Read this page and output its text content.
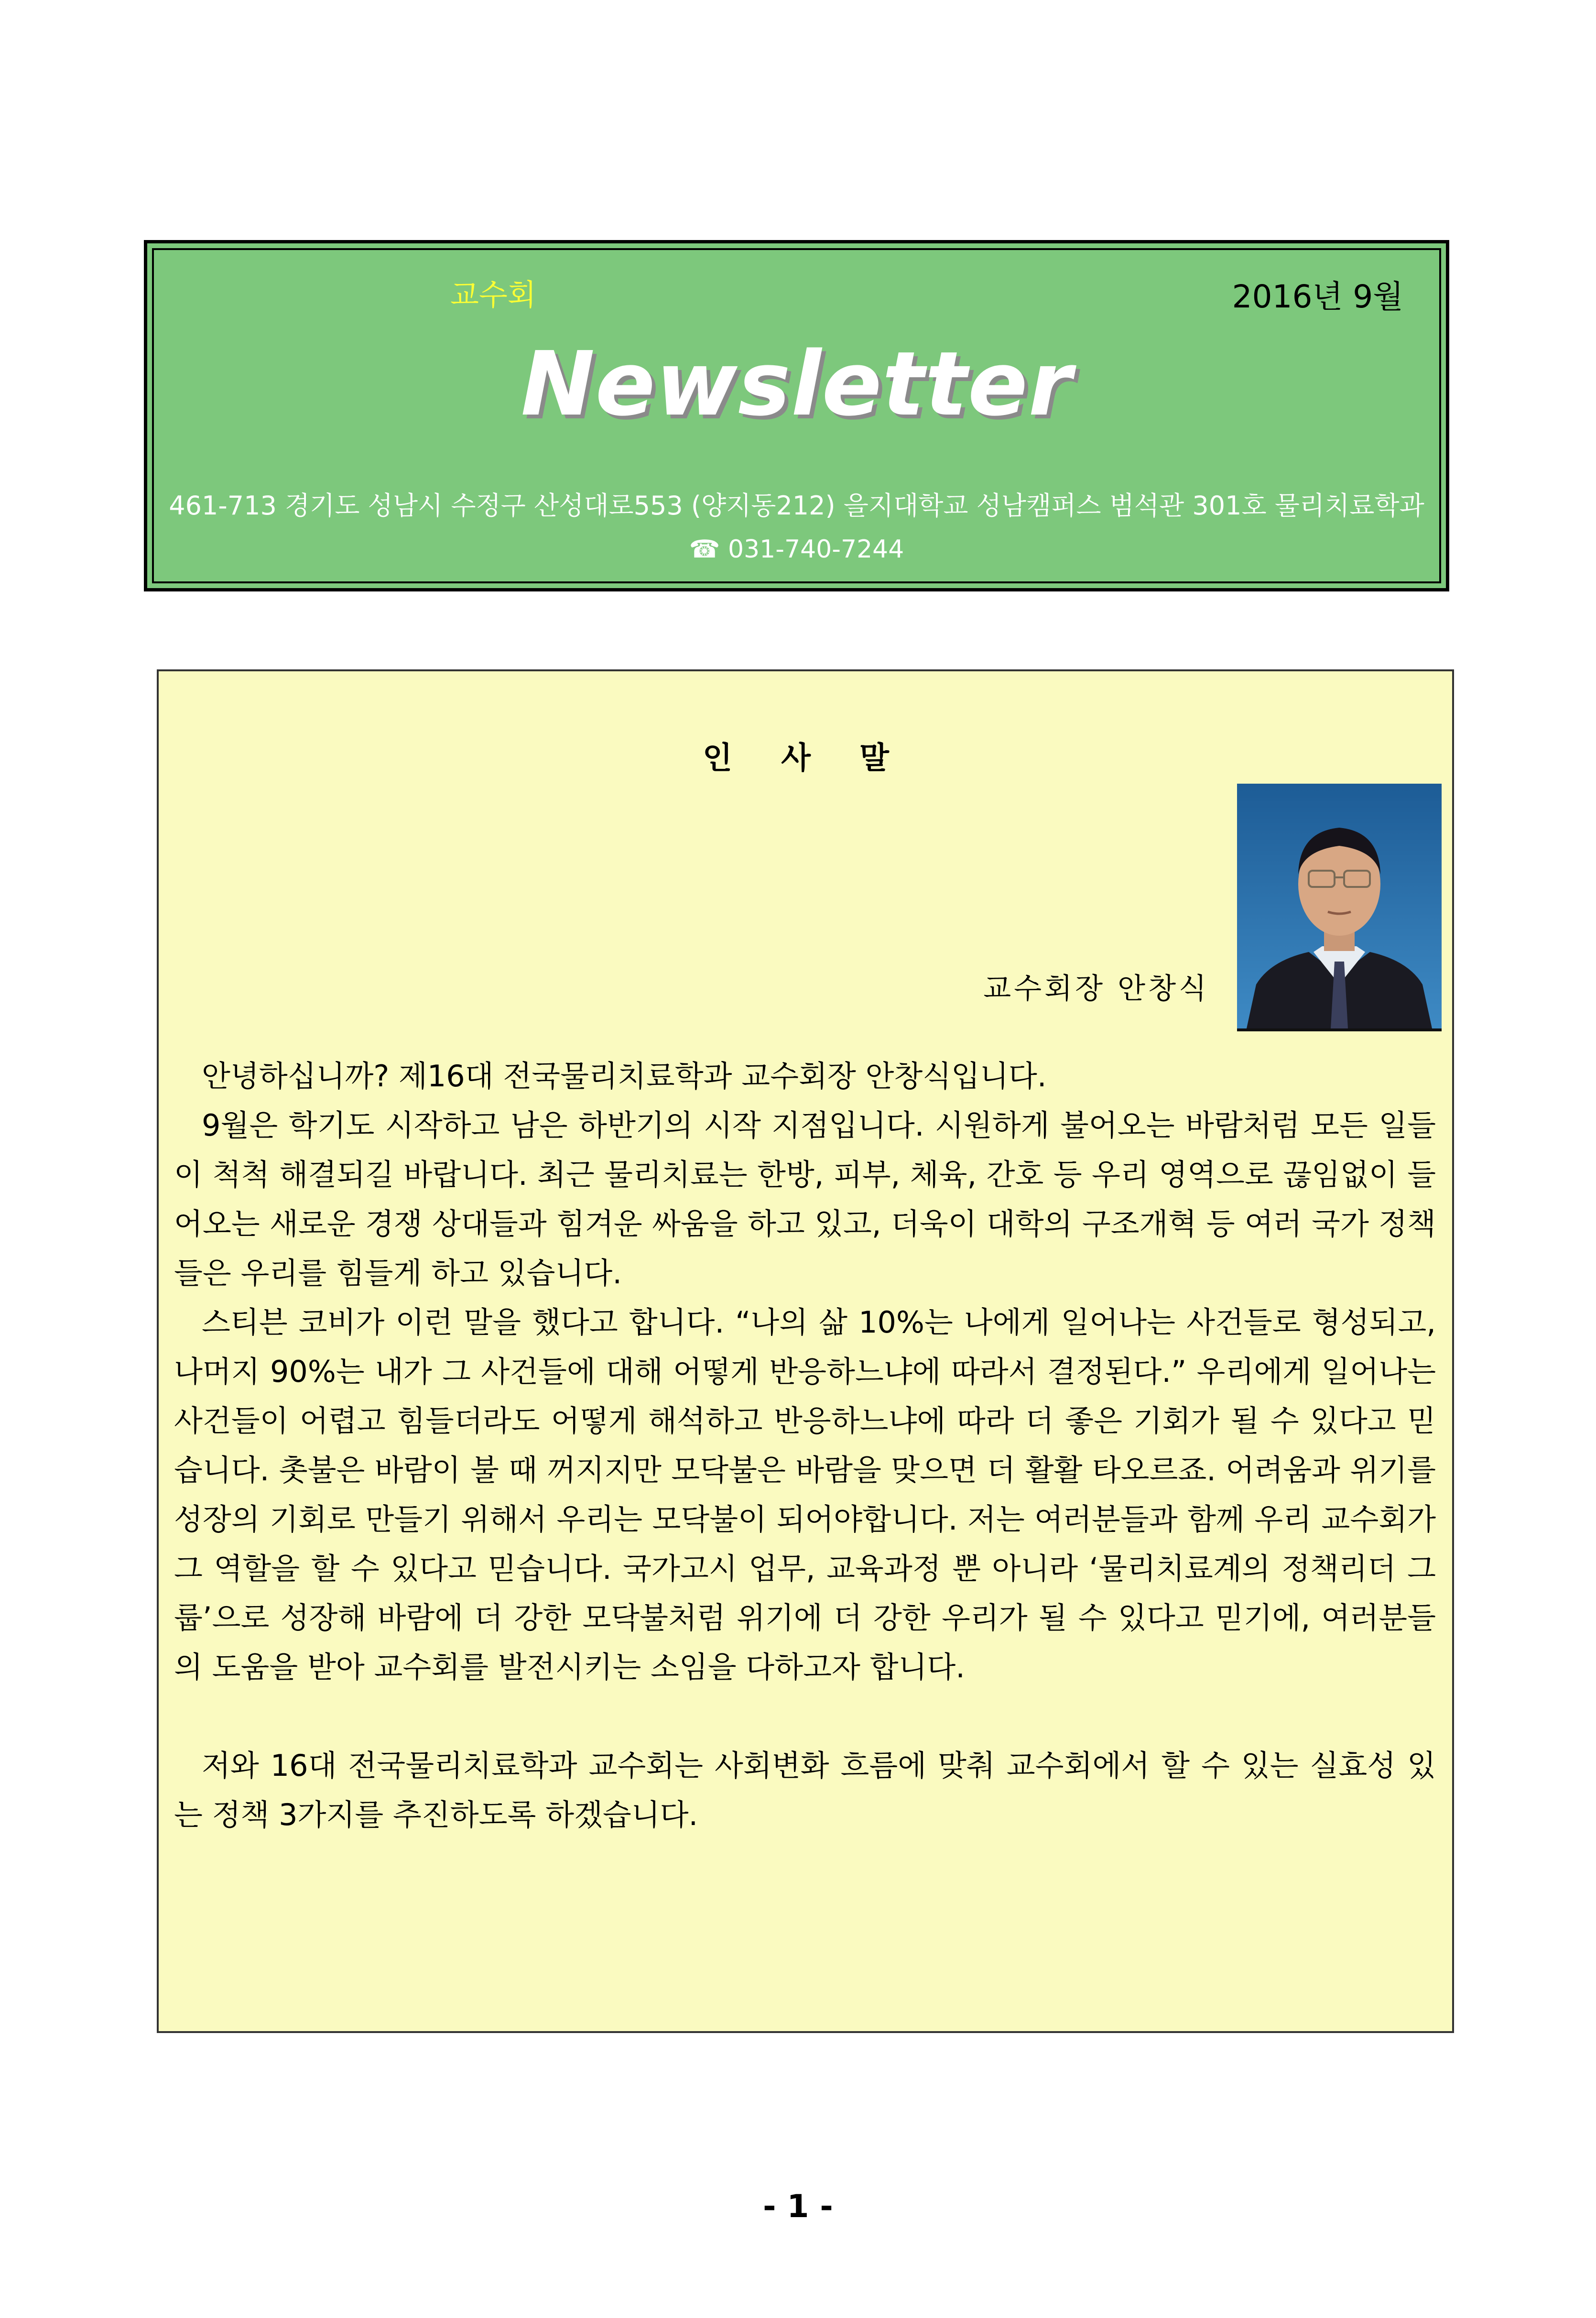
교수회	2016년 9월
Newsletter
461-713 경기도 성남시 수정구 산성대로553 (양지동212) 을지대학교 성남캠퍼스 범석관 301호 물리치료학과
☎ 031-740-7244
인 사 말
교수회장 안창식

안녕하십니까? 제16대 전국물리치료학과 교수회장 안창식입니다.

9월은 학기도 시작하고 남은 하반기의 시작 지점입니다. 시원하게 불어오는 바람처럼 모든 일들이 척척 해결되길 바랍니다. 최근 물리치료는 한방, 피부, 체육, 간호 등 우리 영역으로 끊임없이 들어오는 새로운 경쟁 상대들과 힘겨운 싸움을 하고 있고, 더욱이 대학의 구조개혁 등 여러 국가 정책들은 우리를 힘들게 하고 있습니다.

스티븐 코비가 이런 말을 했다고 합니다. “나의 삶 10%는 나에게 일어나는 사건들로 형성되고, 나머지 90%는 내가 그 사건들에 대해 어떻게 반응하느냐에 따라서 결정된다.” 우리에게 일어나는 사건들이 어렵고 힘들더라도 어떻게 해석하고 반응하느냐에 따라 더 좋은 기회가 될 수 있다고 믿습니다. 촛불은 바람이 불 때 꺼지지만 모닥불은 바람을 맞으면 더 활활 타오르죠. 어려움과 위기를 성장의 기회로 만들기 위해서 우리는 모닥불이 되어야합니다. 저는 여러분들과 함께 우리 교수회가 그 역할을 할 수 있다고 믿습니다. 국가고시 업무, 교육과정 뿐 아니라 ‘물리치료계의 정책리더 그룹’으로 성장해 바람에 더 강한 모닥불처럼 위기에 더 강한 우리가 될 수 있다고 믿기에, 여러분들의 도움을 받아 교수회를 발전시키는 소임을 다하고자 합니다.

저와 16대 전국물리치료학과 교수회는 사회변화 흐름에 맞춰 교수회에서 할 수 있는 실효성 있는 정책 3가지를 추진하도록 하겠습니다.

- 1 -
